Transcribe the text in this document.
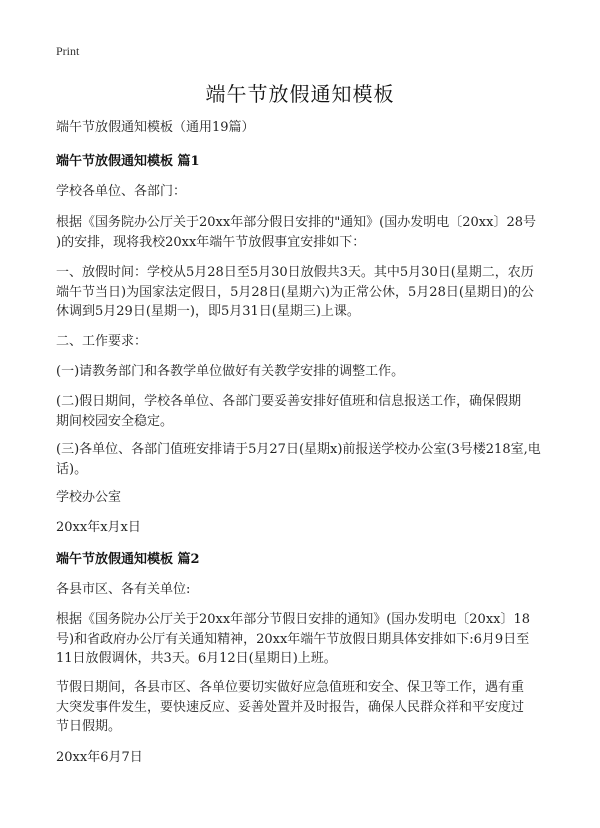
Print
端午节放假通知模板

端午节放假通知模板（通用19篇）

端午节放假通知模板 篇1

学校各单位、各部门：

根据《国务院办公厅关于20xx年部分假日安排的"通知》(国办发明电〔20xx〕28号
)的安排，现将我校20xx年端午节放假事宜安排如下：

一、放假时间：学校从5月28日至5月30日放假共3天。其中5月30日(星期二，农历
端午节当日)为国家法定假日，5月28日(星期六)为正常公休，5月28日(星期日)的公
休调到5月29日(星期一)，即5月31日(星期三)上课。

二、工作要求：

(一)请教务部门和各教学单位做好有关教学安排的调整工作。

(二)假日期间，学校各单位、各部门要妥善安排好值班和信息报送工作，确保假期
期间校园安全稳定。

(三)各单位、各部门值班安排请于5月27日(星期x)前报送学校办公室(3号楼218室,电
话)。

学校办公室

20xx年x月x日

端午节放假通知模板 篇2

各县市区、各有关单位:

根据《国务院办公厅关于20xx年部分节假日安排的通知》(国办发明电〔20xx〕18
号)和省政府办公厅有关通知精神，20xx年端午节放假日期具体安排如下:6月9日至
11日放假调休，共3天。6月12日(星期日)上班。

节假日期间，各县市区、各单位要切实做好应急值班和安全、保卫等工作，遇有重
大突发事件发生，要快速反应、妥善处置并及时报告，确保人民群众祥和平安度过
节日假期。

20xx年6月7日
